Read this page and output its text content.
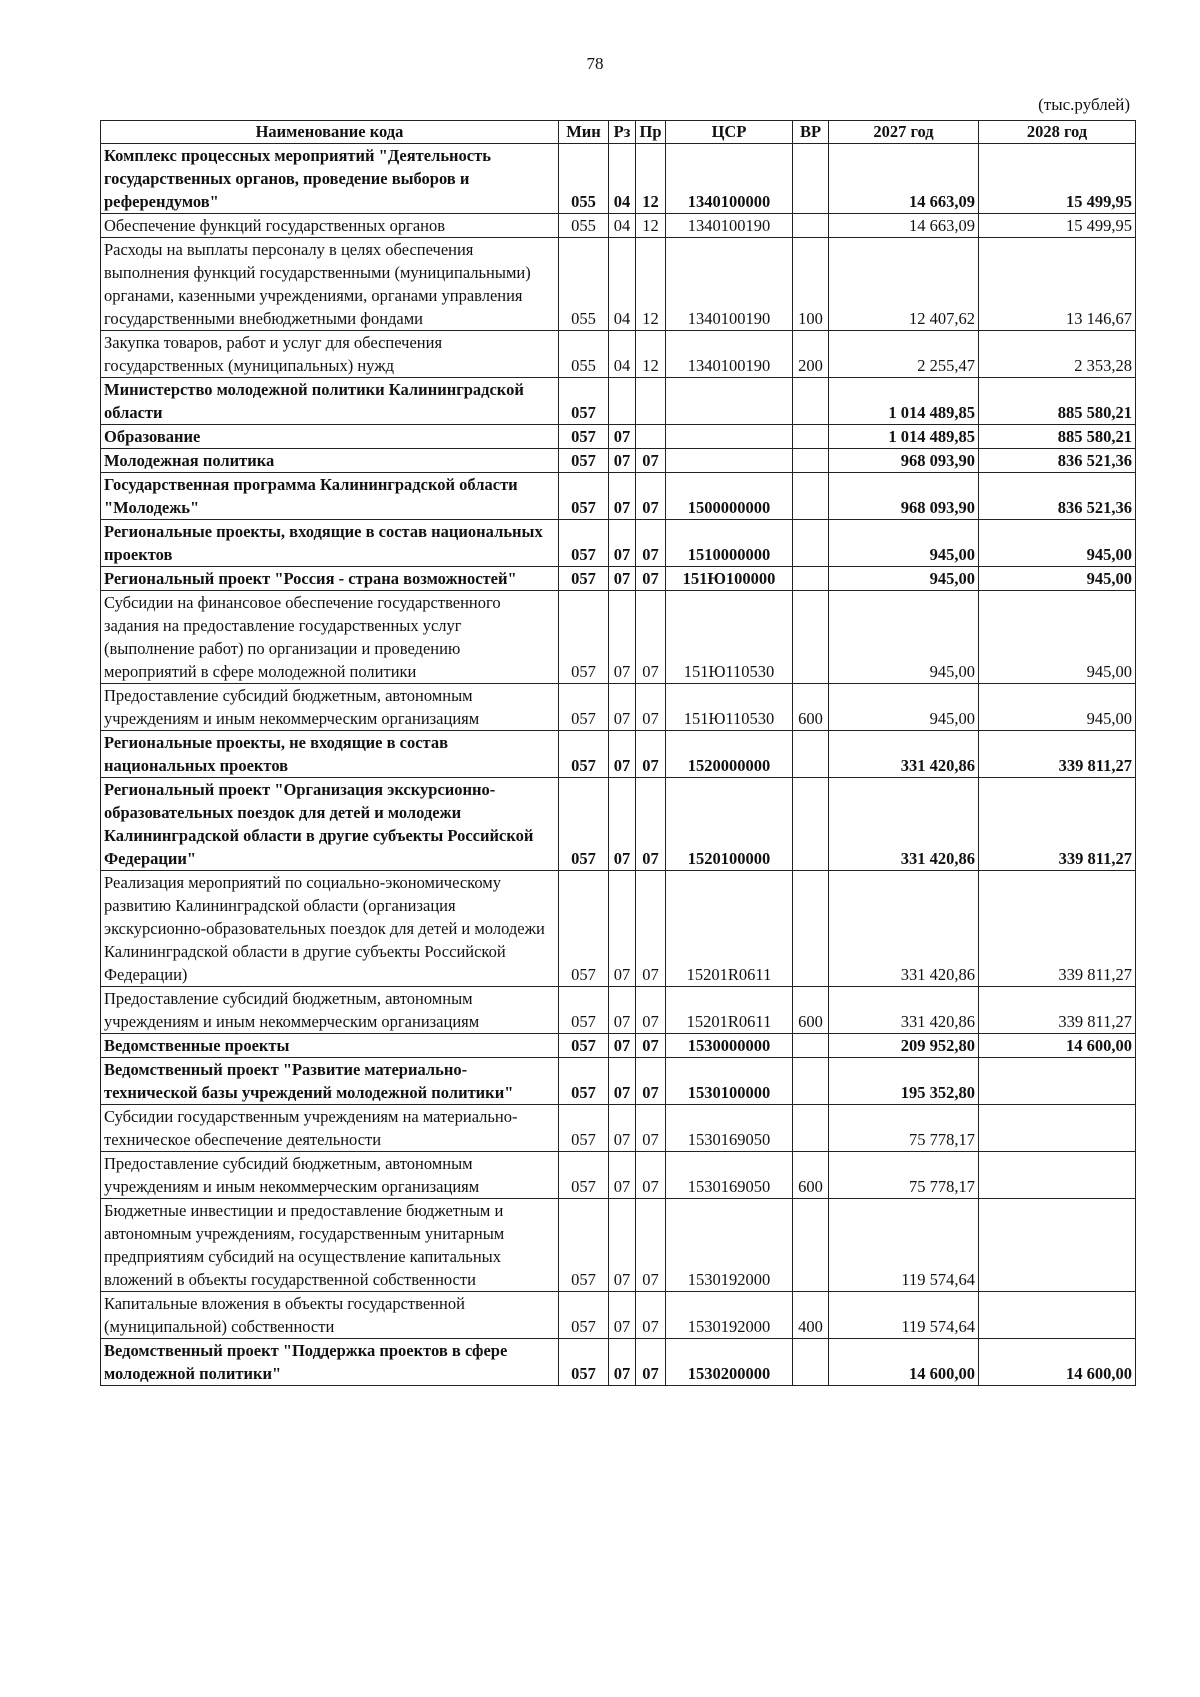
78
(тыс.рублей)
Наименование кода	Мин	Рз	Пр	ЦСР	ВР	2027 год	2028 год
Комплекс процессных мероприятий "Деятельность государственных органов, проведение выборов и референдумов"	055	04	12	1340100000		14 663,09	15 499,95
Обеспечение функций государственных органов	055	04	12	1340100190		14 663,09	15 499,95
Расходы на выплаты персоналу в целях обеспечения выполнения функций государственными (муниципальными) органами, казенными учреждениями, органами управления государственными внебюджетными фондами	055	04	12	1340100190	100	12 407,62	13 146,67
Закупка товаров, работ и услуг для обеспечения государственных (муниципальных) нужд	055	04	12	1340100190	200	2 255,47	2 353,28
Министерство молодежной политики Калининградской области	057					1 014 489,85	885 580,21
Образование	057	07				1 014 489,85	885 580,21
Молодежная политика	057	07	07			968 093,90	836 521,36
Государственная программа Калининградской области "Молодежь"	057	07	07	1500000000		968 093,90	836 521,36
Региональные проекты, входящие в состав национальных проектов	057	07	07	1510000000		945,00	945,00
Региональный проект "Россия - страна возможностей"	057	07	07	151Ю100000		945,00	945,00
Субсидии на финансовое обеспечение государственного задания на предоставление государственных услуг (выполнение работ) по организации и проведению мероприятий в сфере молодежной политики	057	07	07	151Ю110530		945,00	945,00
Предоставление субсидий бюджетным, автономным учреждениям и иным некоммерческим организациям	057	07	07	151Ю110530	600	945,00	945,00
Региональные проекты, не входящие в состав национальных проектов	057	07	07	1520000000		331 420,86	339 811,27
Региональный проект "Организация экскурсионно-образовательных поездок для детей и молодежи Калининградской области в другие субъекты Российской Федерации"	057	07	07	1520100000		331 420,86	339 811,27
Реализация мероприятий по социально-экономическому развитию Калининградской области (организация экскурсионно-образовательных поездок для детей и молодежи Калининградской области в другие субъекты Российской Федерации)	057	07	07	15201R0611		331 420,86	339 811,27
Предоставление субсидий бюджетным, автономным учреждениям и иным некоммерческим организациям	057	07	07	15201R0611	600	331 420,86	339 811,27
Ведомственные проекты	057	07	07	1530000000		209 952,80	14 600,00
Ведомственный проект "Развитие материально-технической базы учреждений молодежной политики"	057	07	07	1530100000		195 352,80	
Субсидии государственным учреждениям на материально-техническое обеспечение деятельности	057	07	07	1530169050		75 778,17	
Предоставление субсидий бюджетным, автономным учреждениям и иным некоммерческим организациям	057	07	07	1530169050	600	75 778,17	
Бюджетные инвестиции и предоставление бюджетным и автономным учреждениям, государственным унитарным предприятиям субсидий на осуществление капитальных вложений в объекты государственной собственности	057	07	07	1530192000		119 574,64	
Капитальные вложения в объекты государственной (муниципальной) собственности	057	07	07	1530192000	400	119 574,64	
Ведомственный проект "Поддержка проектов в сфере молодежной политики"	057	07	07	1530200000		14 600,00	14 600,00
